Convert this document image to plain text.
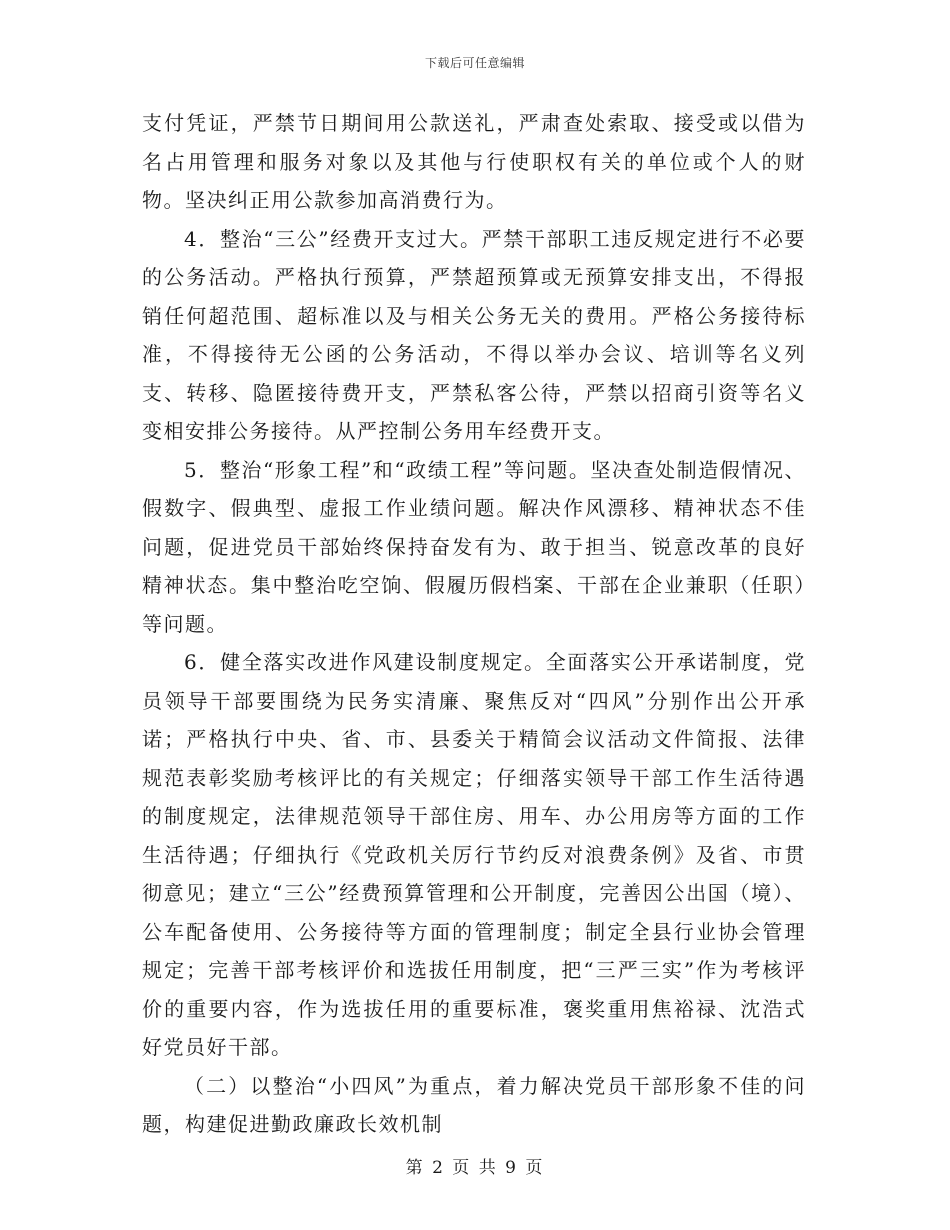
下载后可任意编辑

支付凭证，严禁节日期间用公款送礼，严肃查处索取、接受或以借为名占用管理和服务对象以及其他与行使职权有关的单位或个人的财物。坚决纠正用公款参加高消费行为。

4．整治“三公”经费开支过大。严禁干部职工违反规定进行不必要的公务活动。严格执行预算，严禁超预算或无预算安排支出，不得报销任何超范围、超标准以及与相关公务无关的费用。严格公务接待标准，不得接待无公函的公务活动，不得以举办会议、培训等名义列支、转移、隐匿接待费开支，严禁私客公待，严禁以招商引资等名义变相安排公务接待。从严控制公务用车经费开支。

5．整治“形象工程”和“政绩工程”等问题。坚决查处制造假情况、假数字、假典型、虚报工作业绩问题。解决作风漂移、精神状态不佳问题，促进党员干部始终保持奋发有为、敢于担当、锐意改革的良好精神状态。集中整治吃空饷、假履历假档案、干部在企业兼职（任职）等问题。

6．健全落实改进作风建设制度规定。全面落实公开承诺制度，党员领导干部要围绕为民务实清廉、聚焦反对“四风”分别作出公开承诺；严格执行中央、省、市、县委关于精简会议活动文件简报、法律规范表彰奖励考核评比的有关规定；仔细落实领导干部工作生活待遇的制度规定，法律规范领导干部住房、用车、办公用房等方面的工作生活待遇；仔细执行《党政机关厉行节约反对浪费条例》及省、市贯彻意见；建立“三公”经费预算管理和公开制度，完善因公出国（境）、公车配备使用、公务接待等方面的管理制度；制定全县行业协会管理规定；完善干部考核评价和选拔任用制度，把“三严三实”作为考核评价的重要内容，作为选拔任用的重要标准，褒奖重用焦裕禄、沈浩式好党员好干部。

（二）以整治“小四风”为重点，着力解决党员干部形象不佳的问题，构建促进勤政廉政长效机制

第 2 页 共 9 页
